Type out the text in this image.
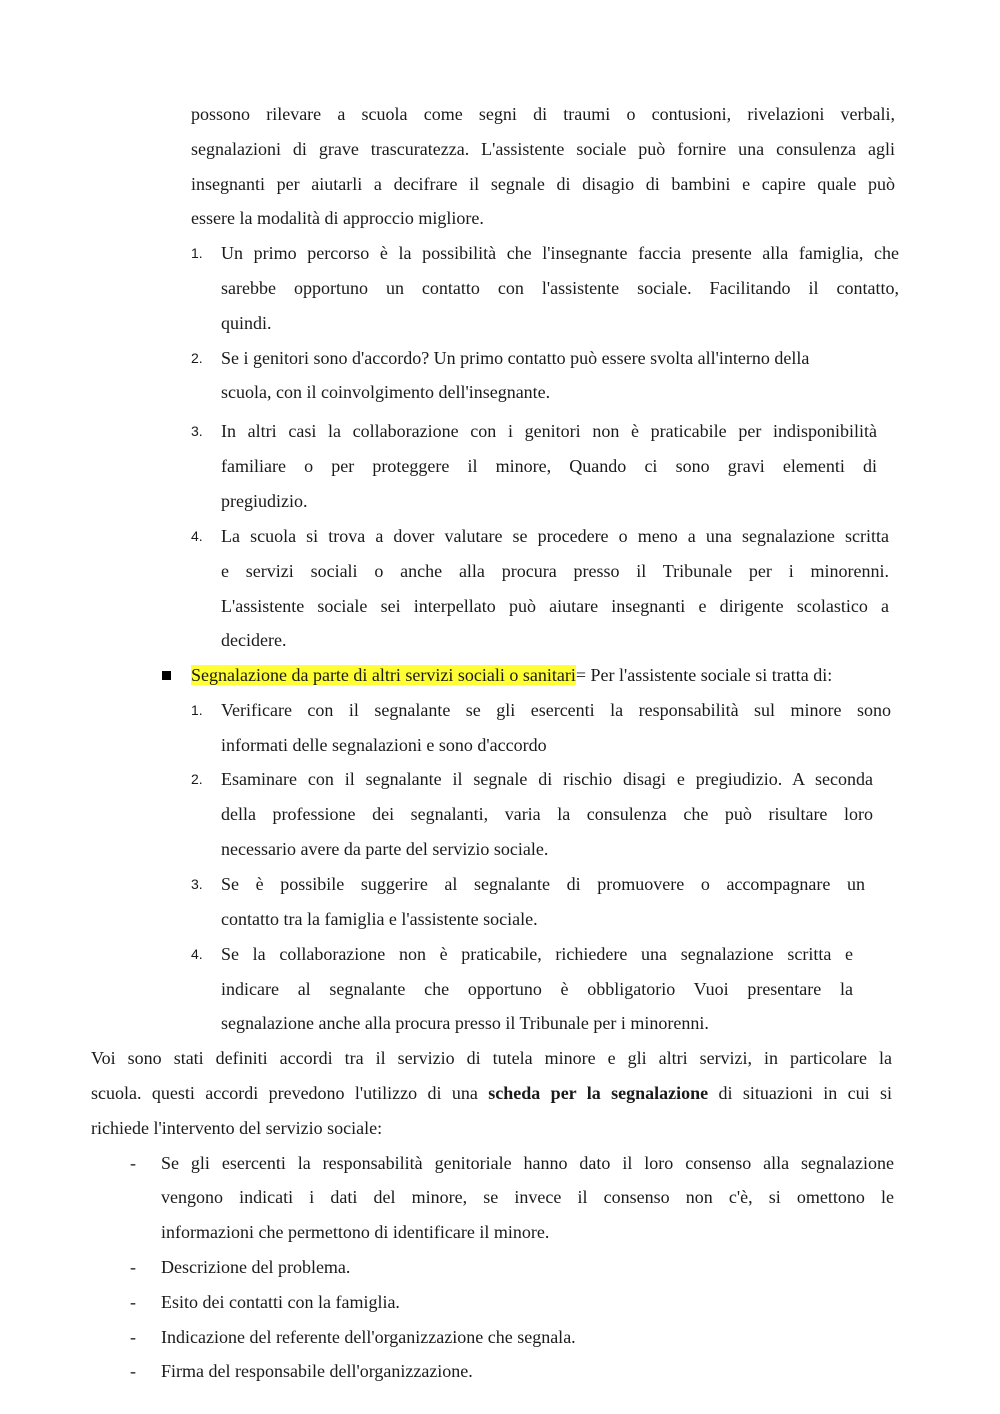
possono rilevare a scuola come segni di traumi o contusioni, rivelazioni verbali,
segnalazioni di grave trascuratezza. L'assistente sociale può fornire una consulenza agli
insegnanti per aiutarli a decifrare il segnale di disagio di bambini e capire quale può
essere la modalità di approccio migliore.
1. Un primo percorso è la possibilità che l'insegnante faccia presente alla famiglia, che
sarebbe opportuno un contatto con l'assistente sociale. Facilitando il contatto,
quindi.
2. Se i genitori sono d'accordo? Un primo contatto può essere svolta all'interno della
scuola, con il coinvolgimento dell'insegnante.
3. In altri casi la collaborazione con i genitori non è praticabile per indisponibilità
familiare o per proteggere il minore, Quando ci sono gravi elementi di
pregiudizio.
4. La scuola si trova a dover valutare se procedere o meno a una segnalazione scritta
e servizi sociali o anche alla procura presso il Tribunale per i minorenni.
L'assistente sociale sei interpellato può aiutare insegnanti e dirigente scolastico a
decidere.
Segnalazione da parte di altri servizi sociali o sanitari= Per l'assistente sociale si tratta di:
1. Verificare con il segnalante se gli esercenti la responsabilità sul minore sono
informati delle segnalazioni e sono d'accordo
2. Esaminare con il segnalante il segnale di rischio disagi e pregiudizio. A seconda
della professione dei segnalanti, varia la consulenza che può risultare loro
necessario avere da parte del servizio sociale.
3. Se è possibile suggerire al segnalante di promuovere o accompagnare un
contatto tra la famiglia e l'assistente sociale.
4. Se la collaborazione non è praticabile, richiedere una segnalazione scritta e
indicare al segnalante che opportuno è obbligatorio Vuoi presentare la
segnalazione anche alla procura presso il Tribunale per i minorenni.
Voi sono stati definiti accordi tra il servizio di tutela minore e gli altri servizi, in particolare la
scuola. questi accordi prevedono l'utilizzo di una scheda per la segnalazione di situazioni in cui si
richiede l'intervento del servizio sociale:
- Se gli esercenti la responsabilità genitoriale hanno dato il loro consenso alla segnalazione
vengono indicati i dati del minore, se invece il consenso non c'è, si omettono le
informazioni che permettono di identificare il minore.
- Descrizione del problema.
- Esito dei contatti con la famiglia.
- Indicazione del referente dell'organizzazione che segnala.
- Firma del responsabile dell'organizzazione.
